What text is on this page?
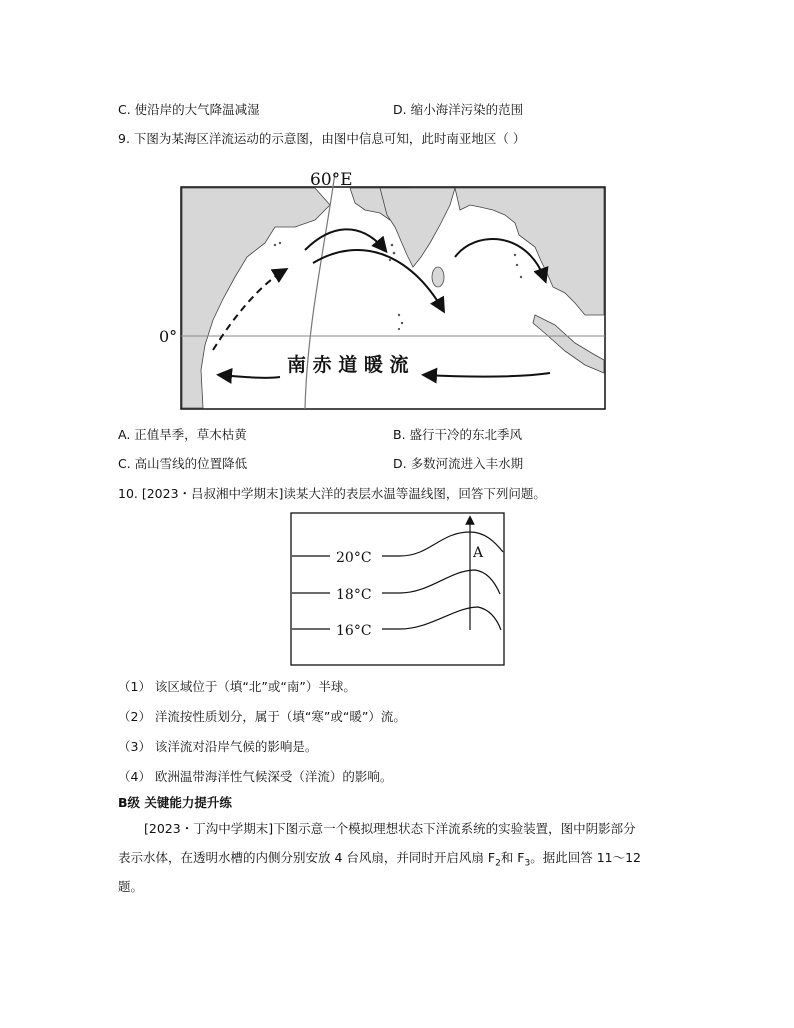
C. 使沿岸的大气降温减湿	D. 缩小海洋污染的范围
9. 下图为某海区洋流运动的示意图，由图中信息可知，此时南亚地区（ ）
60°E
0°
南 赤 道 暖 流
A. 正值旱季，草木枯黄	B. 盛行干冷的东北季风
C. 高山雪线的位置降低	D. 多数河流进入丰水期
10. [2023・吕叔湘中学期末]读某大洋的表层水温等温线图，回答下列问题。
A
20°C
18°C
16°C
（1） 该区域位于（填“北”或“南”）半球。
（2） 洋流按性质划分，属于（填“寒”或“暖”）流。
（3） 该洋流对沿岸气候的影响是。
（4） 欧洲温带海洋性气候深受（洋流）的影响。
B级 关键能力提升练
[2023・丁沟中学期末]下图示意一个模拟理想状态下洋流系统的实验装置，图中阴影部分
表示水体，在透明水槽的内侧分别安放 4 台风扇，并同时开启风扇 $F_2$和 $F_3$。据此回答 11～12
题。
